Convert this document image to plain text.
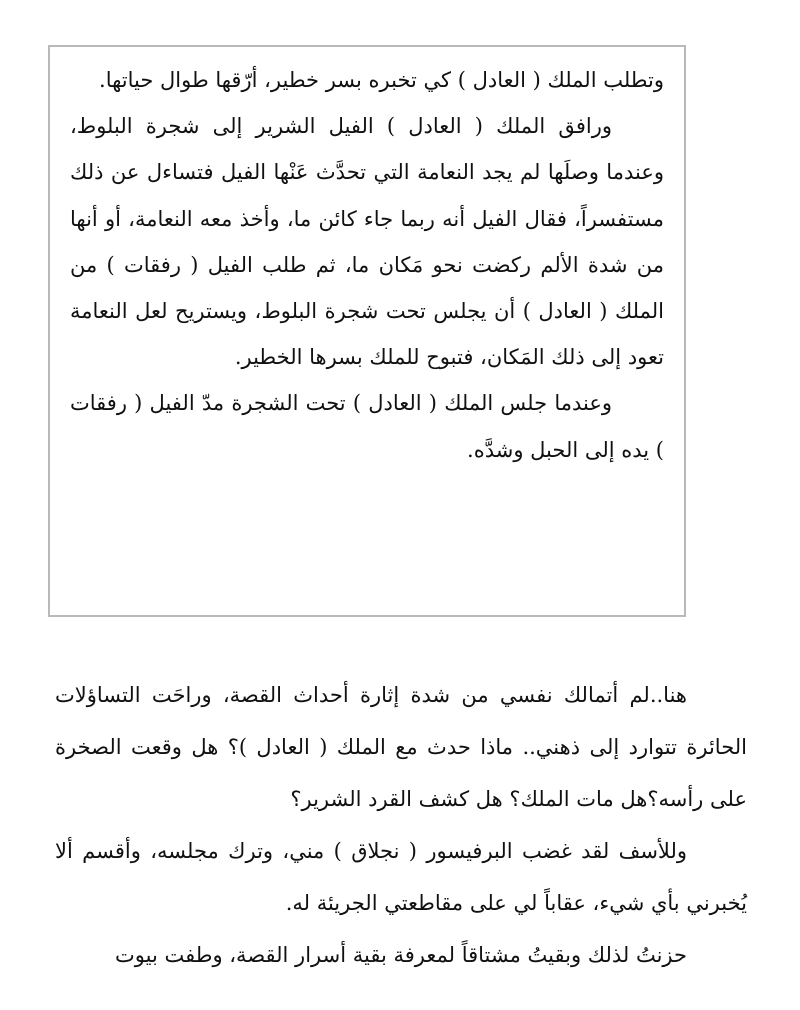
وتطلب الملك ( العادل ) كي تخبره بسر خطير، أرّقها طوال حياتها.

ورافق الملك ( العادل ) الفيل الشرير إلى شجرة البلوط، وعندما وصلَها لم يجد النعامة التي تحدَّث عَنْها الفيل فتساءل عن ذلك مستفسراً، فقال الفيل أنه ربما جاء كائن ما، وأخذ معه النعامة، أو أنها من شدة الألم ركضت نحو مَكان ما، ثم طلب الفيل ( رفقات ) من الملك ( العادل ) أن يجلس تحت شجرة البلوط، ويستريح لعل النعامة تعود إلى ذلك المَكان، فتبوح للملك بسرها الخطير.

وعندما جلس الملك ( العادل ) تحت الشجرة مدّ الفيل ( رفقات ) يده إلى الحبل وشدَّه.

هنا..لم أتمالك نفسي من شدة إثارة أحداث القصة، وراحَت التساؤلات الحائرة تتوارد إلى ذهني.. ماذا حدث مع الملك ( العادل )؟ هل وقعت الصخرة على رأسه؟هل مات الملك؟ هل كشف القرد الشرير؟

وللأسف لقد غضب البرفيسور ( نجلاق ) مني، وترك مجلسه، وأقسم ألا يُخبرني بأي شيء، عقاباً لي على مقاطعتي الجريئة له.

حزنتُ لذلك وبقيتُ مشتاقاً لمعرفة بقية أسرار القصة، وطفت بيوت
